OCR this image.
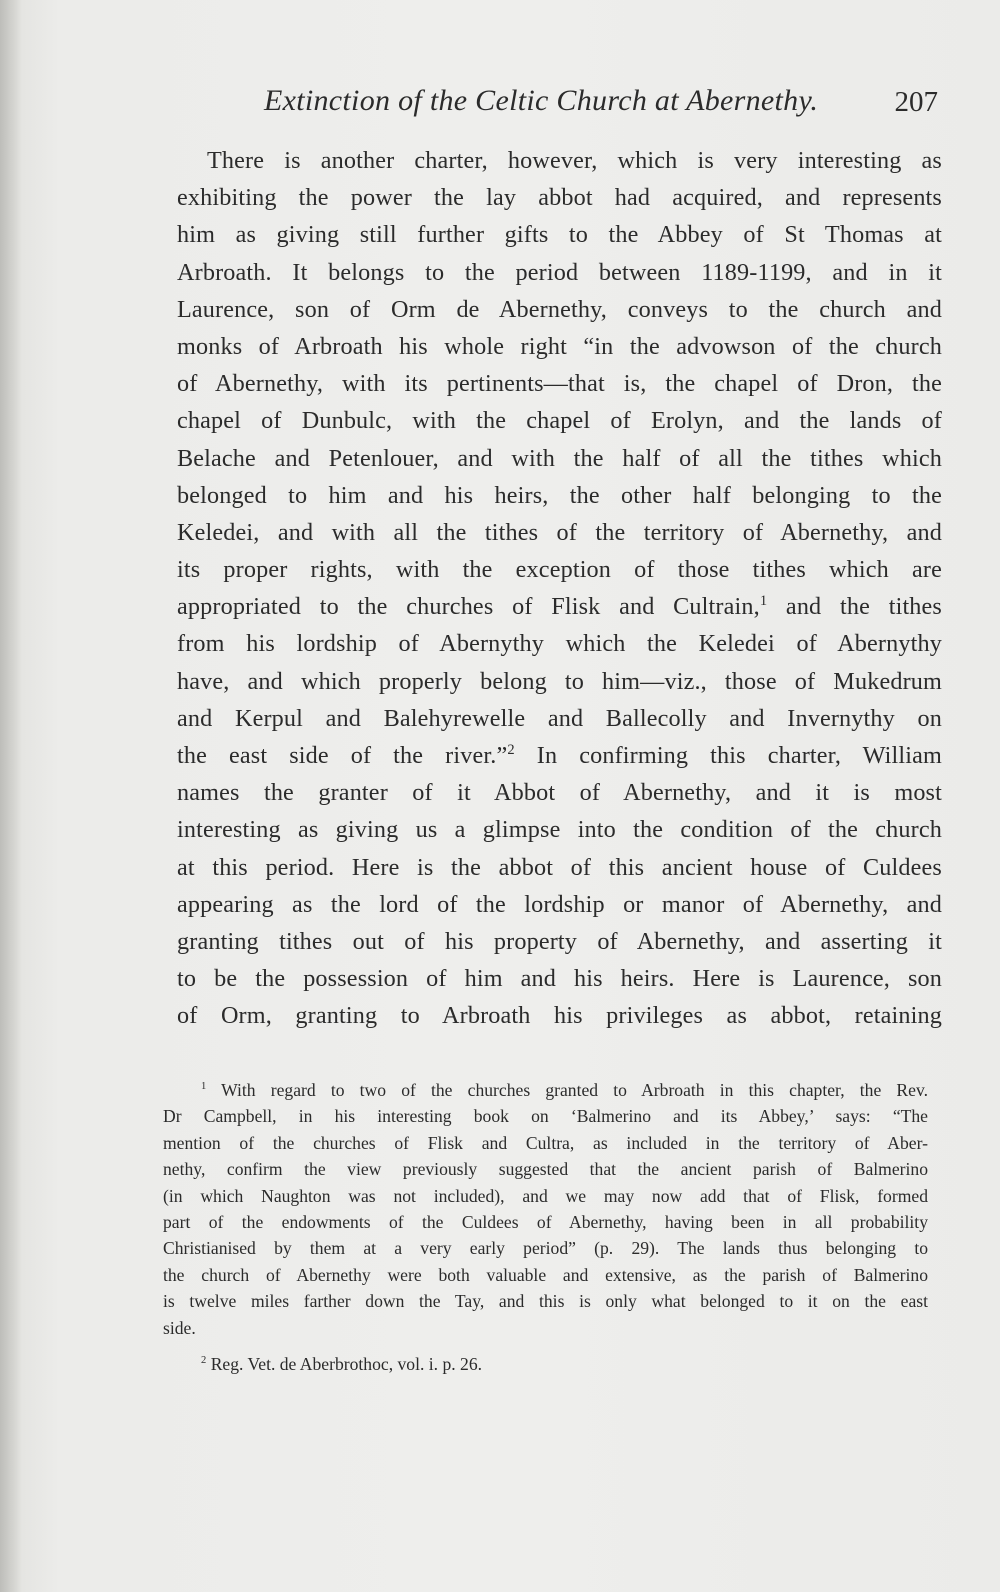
Extinction of the Celtic Church at Abernethy.	207
There is another charter, however, which is very interesting as
exhibiting the power the lay abbot had acquired, and represents
him as giving still further gifts to the Abbey of St Thomas at
Arbroath. It belongs to the period between 1189-1199, and in it
Laurence, son of Orm de Abernethy, conveys to the church and
monks of Arbroath his whole right “in the advowson of the church
of Abernethy, with its pertinents—that is, the chapel of Dron, the
chapel of Dunbulc, with the chapel of Erolyn, and the lands of
Belache and Petenlouer, and with the half of all the tithes which
belonged to him and his heirs, the other half belonging to the
Keledei, and with all the tithes of the territory of Abernethy, and
its proper rights, with the exception of those tithes which are
appropriated to the churches of Flisk and Cultrain,$^1$ and the tithes
from his lordship of Abernythy which the Keledei of Abernythy
have, and which properly belong to him—viz., those of Mukedrum
and Kerpul and Balehyrewelle and Ballecolly and Invernythy on
the east side of the river.”$^2$ In confirming this charter, William
names the granter of it Abbot of Abernethy, and it is most
interesting as giving us a glimpse into the condition of the church
at this period. Here is the abbot of this ancient house of Culdees
appearing as the lord of the lordship or manor of Abernethy, and
granting tithes out of his property of Abernethy, and asserting it
to be the possession of him and his heirs. Here is Laurence, son
of Orm, granting to Arbroath his privileges as abbot, retaining
$^1$ With regard to two of the churches granted to Arbroath in this chapter, the Rev.
Dr Campbell, in his interesting book on ‘Balmerino and its Abbey,’ says: “The
mention of the churches of Flisk and Cultra, as included in the territory of Aber-
nethy, confirm the view previously suggested that the ancient parish of Balmerino
(in which Naughton was not included), and we may now add that of Flisk, formed
part of the endowments of the Culdees of Abernethy, having been in all probability
Christianised by them at a very early period” (p. 29). The lands thus belonging to
the church of Abernethy were both valuable and extensive, as the parish of Balmerino
is twelve miles farther down the Tay, and this is only what belonged to it on the east
side.
$^2$ Reg. Vet. de Aberbrothoc, vol. i. p. 26.
